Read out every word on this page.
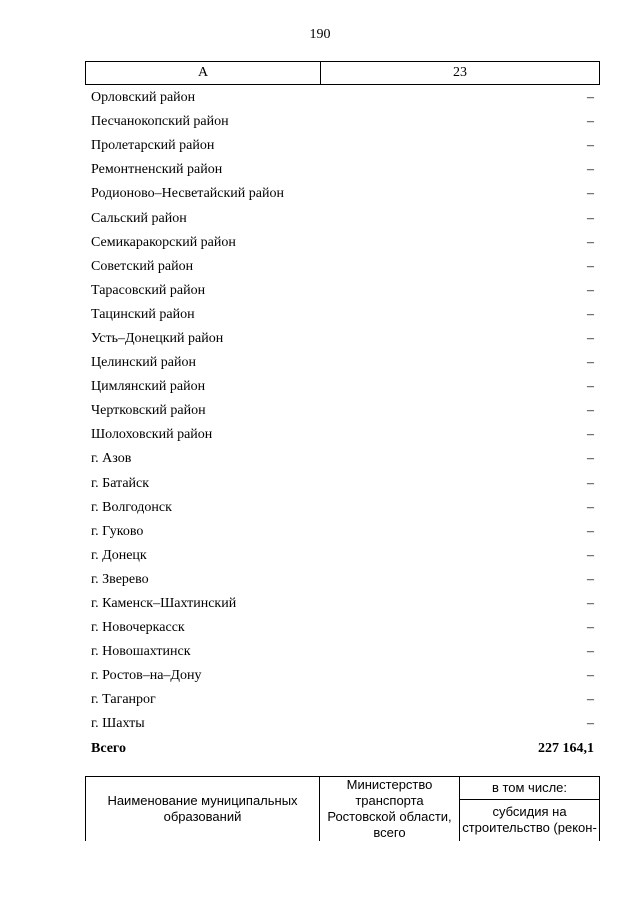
190
А	23
Орловский район	–
Песчанокопский район	–
Пролетарский район	–
Ремонтненский район	–
Родионово–Несветайский район	–
Сальский район	–
Семикаракорский район	–
Советский район	–
Тарасовский район	–
Тацинский район	–
Усть–Донецкий район	–
Целинский район	–
Цимлянский район	–
Чертковский район	–
Шолоховский район	–
г. Азов	–
г. Батайск	–
г. Волгодонск	–
г. Гуково	–
г. Донецк	–
г. Зверево	–
г. Каменск–Шахтинский	–
г. Новочеркасск	–
г. Новошахтинск	–
г. Ростов–на–Дону	–
г. Таганрог	–
г. Шахты	–
Всего	227 164,1
Наименование муниципальных образований	Министерство транспорта Ростовской области, всего	в том числе:
субсидия на строительство (рекон-
